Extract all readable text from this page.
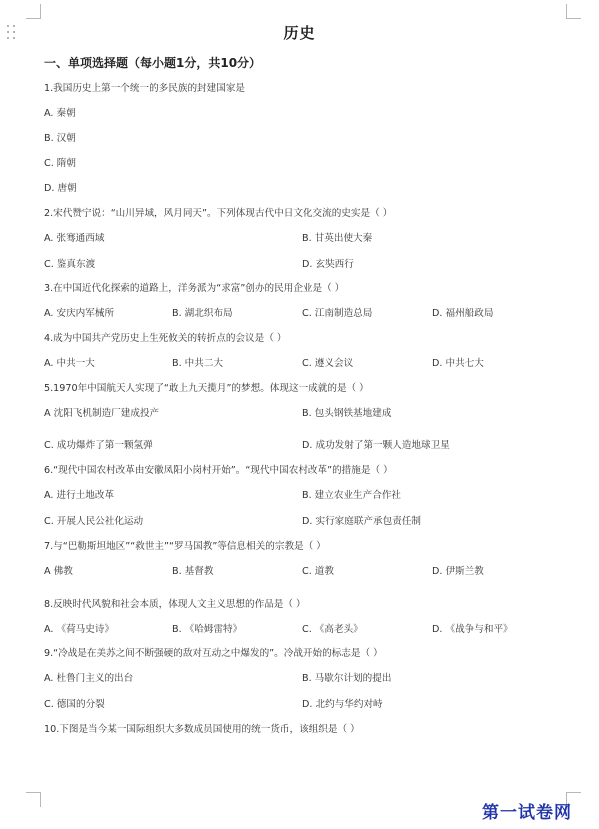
历史
一、单项选择题（每小题1分，共10分）
1.我国历史上第一个统一的多民族的封建国家是
A. 秦朝
B. 汉朝
C. 隋朝
D. 唐朝
2.宋代赞宁说：“山川异域，风月同天”。下列体现古代中日文化交流的史实是（ ）
A. 张骞通西域	B. 甘英出使大秦
C. 鉴真东渡	D. 玄奘西行
3.在中国近代化探索的道路上，洋务派为“求富”创办的民用企业是（ ）
A. 安庆内军械所	B. 湖北织布局	C. 江南制造总局	D. 福州船政局
4.成为中国共产党历史上生死攸关的转折点的会议是（ ）
A. 中共一大	B. 中共二大	C. 遵义会议	D. 中共七大
5.1970年中国航天人实现了“敢上九天揽月”的梦想。体现这一成就的是（ ）
A 沈阳飞机制造厂建成投产	B. 包头钢铁基地建成
C. 成功爆炸了第一颗氢弹	D. 成功发射了第一颗人造地球卫星
6.“现代中国农村改革由安徽凤阳小岗村开始”。“现代中国农村改革”的措施是（ ）
A. 进行土地改革	B. 建立农业生产合作社
C. 开展人民公社化运动	D. 实行家庭联产承包责任制
7.与“巴勒斯坦地区”“救世主”“罗马国教”等信息相关的宗教是（ ）
A 佛教	B. 基督教	C. 道教	D. 伊斯兰教
8.反映时代风貌和社会本质，体现人文主义思想的作品是（ ）
A. 《荷马史诗》	B. 《哈姆雷特》	C. 《高老头》	D. 《战争与和平》
9.“冷战是在美苏之间不断强硬的敌对互动之中爆发的”。冷战开始的标志是（ ）
A. 杜鲁门主义的出台	B. 马歇尔计划的提出
C. 德国的分裂	D. 北约与华约对峙
10.下图是当今某一国际组织大多数成员国使用的统一货币，该组织是（ ）
第一试卷网
